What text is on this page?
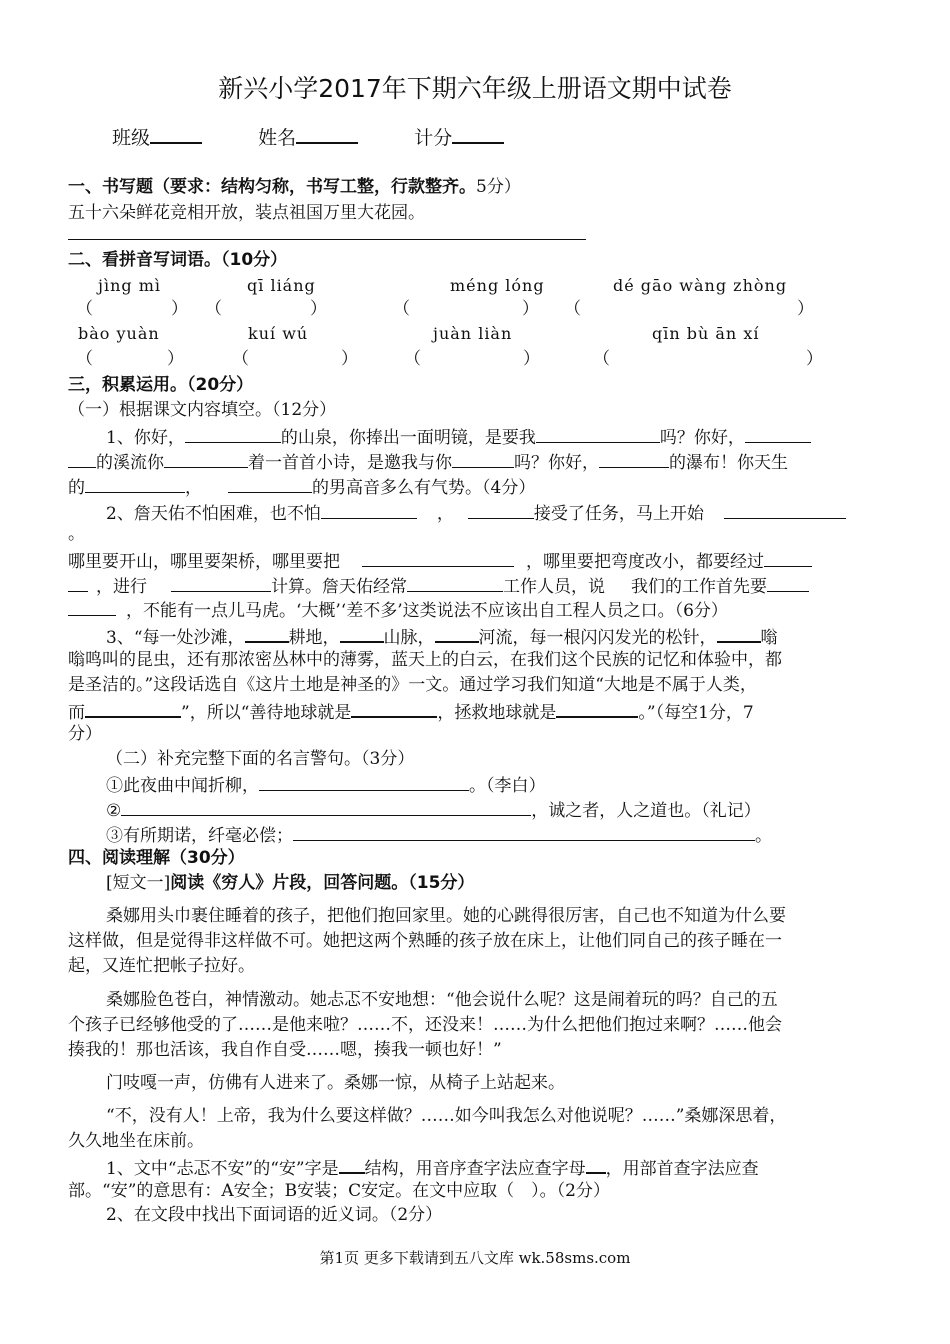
新兴小学2017年下期六年级上册语文期中试卷
班级	姓名	计分
一、书写题（要求：结构匀称，书写工整，行款整齐。5分）
五十六朵鲜花竞相开放，装点祖国万里大花园。
二、看拼音写词语。（10分）
jìng mì	qī liáng	méng lóng	dé gāo wàng zhòng
（	） （	）	（	） （	）
bào yuàn	kuí wú	juàn liàn	qīn bù ān xí
（	）	（	）	（	）	（	）
三，积累运用。（20分）
（一）根据课文内容填空。（12分）
1、你好，	的山泉，你捧出一面明镜，是要我	吗？你好，
的溪流你	着一首首小诗，是邀我与你	吗？你好，	的瀑布！你天生
的	，	的男高音多么有气势。（4分）
2、詹天佑不怕困难，也不怕	，	接受了任务，马上开始
。
哪里要开山，哪里要架桥，哪里要把	，哪里要把弯度改小，都要经过
，进行	计算。詹天佑经常	工作人员，说 我们的工作首先要
，不能有一点儿马虎。‘大概’‘差不多’这类说法不应该出自工程人员之口。（6分）
3、“每一处沙滩，	耕地，	山脉，	河流，每一根闪闪发光的松针，	嗡
嗡鸣叫的昆虫，还有那浓密丛林中的薄雾，蓝天上的白云，在我们这个民族的记忆和体验中，都
是圣洁的。”这段话选自《这片土地是神圣的》一文。通过学习我们知道“大地是不属于人类，
而	”，所以“善待地球就是	，拯救地球就是	。”（每空1分，7
分）
（二）补充完整下面的名言警句。（3分）
①此夜曲中闻折柳，	。（李白）
②	，诚之者，人之道也。（礼记）
③有所期诺，纤毫必偿；	。
四、阅读理解（30分）
[短文一]阅读《穷人》片段，回答问题。（15分）
桑娜用头巾裹住睡着的孩子，把他们抱回家里。她的心跳得很厉害，自己也不知道为什么要
这样做，但是觉得非这样做不可。她把这两个熟睡的孩子放在床上，让他们同自己的孩子睡在一
起，又连忙把帐子拉好。
桑娜脸色苍白，神情激动。她忐忑不安地想：“他会说什么呢？这是闹着玩的吗？自己的五
个孩子已经够他受的了……是他来啦？……不，还没来！……为什么把他们抱过来啊？……他会
揍我的！那也活该，我自作自受……嗯，揍我一顿也好！”
门吱嘎一声，仿佛有人进来了。桑娜一惊，从椅子上站起来。
“不，没有人！上帝，我为什么要这样做？……如今叫我怎么对他说呢？……”桑娜深思着，
久久地坐在床前。
1、文中“忐忑不安”的“安”字是 结构，用音序查字法应查字母 ，用部首查字法应查
部。“安”的意思有：A安全；B安装；C安定。在文中应取（　）。（2分）
2、在文段中找出下面词语的近义词。（2分）
第1页 更多下载请到五八文库 wk.58sms.com
